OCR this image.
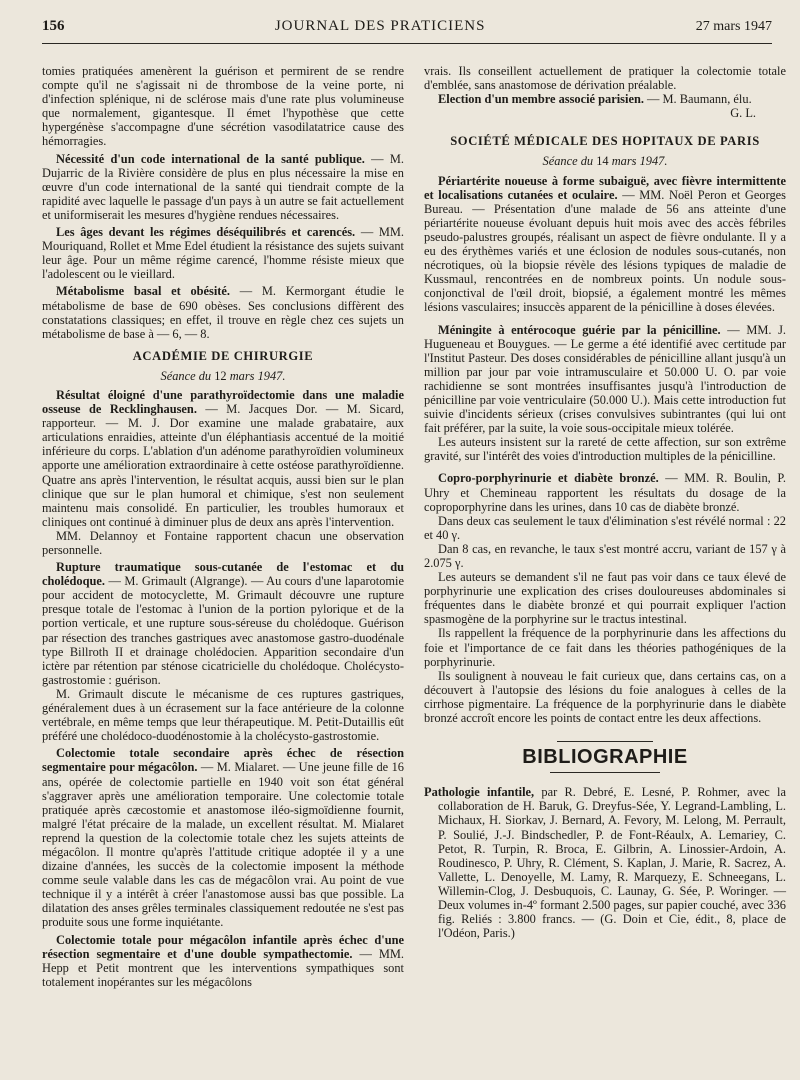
156	JOURNAL DES PRATICIENS	27 mars 1947

tomies pratiquées amenèrent la guérison et permirent de se rendre compte qu'il ne s'agissait ni de thrombose de la veine porte, ni d'infection splénique, ni de sclérose mais d'une rate plus volumineuse que normalement, gigantesque. Il émet l'hypothèse que cette hypergénèse s'accompagne d'une sécrétion vasodilatatrice cause des hémorragies.

Nécessité d'un code international de la santé publique. — M. Dujarric de la Rivière considère de plus en plus nécessaire la mise en œuvre d'un code international de la santé qui tiendrait compte de la rapidité avec laquelle le passage d'un pays à un autre se fait actuellement et uniformiserait les mesures d'hygiène rendues nécessaires.

Les âges devant les régimes déséquilibrés et carencés. — MM. Mouriquand, Rollet et Mme Edel étudient la résistance des sujets suivant leur âge. Pour un même régime carencé, l'homme résiste mieux que l'adolescent ou le vieillard.

Métabolisme basal et obésité. — M. Kermorgant étudie le métabolisme de base de 690 obèses. Ses conclusions diffèrent des constatations classiques; en effet, il trouve en règle chez ces sujets un métabolisme de base à — 6, — 8.

ACADÉMIE DE CHIRURGIE
Séance du 12 mars 1947.

Résultat éloigné d'une parathyroïdectomie dans une maladie osseuse de Recklinghausen. — M. Jacques Dor. — M. Sicard, rapporteur. — M. J. Dor examine une malade grabataire, aux articulations enraidies, atteinte d'un éléphantiasis accentué de la moitié inférieure du corps. L'ablation d'un adénome parathyroïdien volumineux apporte une amélioration extraordinaire à cette ostéose parathyroïdienne. Quatre ans après l'intervention, le résultat acquis, aussi bien sur le plan clinique que sur le plan humoral et chimique, s'est non seulement maintenu mais consolidé. En particulier, les troubles humoraux et cliniques ont continué à diminuer plus de deux ans après l'intervention.

MM. Delannoy et Fontaine rapportent chacun une observation personnelle.

Rupture traumatique sous-cutanée de l'estomac et du cholédoque. — M. Grimault (Algrange). — Au cours d'une laparotomie pour accident de motocyclette, M. Grimault découvre une rupture presque totale de l'estomac à l'union de la portion pylorique et de la portion verticale, et une rupture sous-séreuse du cholédoque. Guérison par résection des tranches gastriques avec anastomose gastro-duodénale type Billroth II et drainage cholédocien. Apparition secondaire d'un ictère par rétention par sténose cicatricielle du cholédoque. Cholécysto-gastrostomie : guérison.

M. Grimault discute le mécanisme de ces ruptures gastriques, généralement dues à un écrasement sur la face antérieure de la colonne vertébrale, en même temps que leur thérapeutique. M. Petit-Dutaillis eût préféré une cholédoco-duodénostomie à la cholécysto-gastrostomie.

Colectomie totale secondaire après échec de résection segmentaire pour mégacôlon. — M. Mialaret. — Une jeune fille de 16 ans, opérée de colectomie partielle en 1940 voit son état général s'aggraver après une amélioration temporaire. Une colectomie totale pratiquée après cæcostomie et anastomose iléo-sigmoïdienne fournit, malgré l'état précaire de la malade, un excellent résultat. M. Mialaret reprend la question de la colectomie totale chez les sujets atteints de mégacôlon. Il montre qu'après l'attitude critique adoptée il y a une dizaine d'années, les succès de la colectomie imposent la méthode comme seule valable dans les cas de mégacôlon vrai. Au point de vue technique il y a intérêt à créer l'anastomose aussi bas que possible. La dilatation des anses grêles terminales classiquement redoutée ne s'est pas produite sous une forme inquiétante.

Colectomie totale pour mégacôlon infantile après échec d'une résection segmentaire et d'une double sympathectomie. — MM. Hepp et Petit montrent que les interventions sympathiques sont totalement inopérantes sur les mégacôlons

vrais. Ils conseillent actuellement de pratiquer la colectomie totale d'emblée, sans anastomose de dérivation préalable.

Election d'un membre associé parisien. — M. Baumann, élu.

G. L.

SOCIÉTÉ MÉDICALE DES HOPITAUX DE PARIS
Séance du 14 mars 1947.

Périartérite noueuse à forme subaiguë, avec fièvre intermittente et localisations cutanées et oculaire. — MM. Noël Peron et Georges Bureau. — Présentation d'une malade de 56 ans atteinte d'une périartérite noueuse évoluant depuis huit mois avec des accès fébriles pseudo-palustres groupés, réalisant un aspect de fièvre ondulante. Il y a eu des érythèmes variés et une éclosion de nodules sous-cutanés, non nécrotiques, où la biopsie révèle des lésions typiques de maladie de Kussmaul, rencontrées en de nombreux points. Un nodule sous-conjonctival de l'œil droit, biopsié, a également montré les mêmes lésions vasculaires; insuccès apparent de la pénicilline à doses élevées.

Méningite à entérocoque guérie par la pénicilline. — MM. J. Hugueneau et Bouygues. — Le germe a été identifié avec certitude par l'Institut Pasteur. Des doses considérables de pénicilline allant jusqu'à un million par jour par voie intramusculaire et 50.000 U. O. par voie rachidienne se sont montrées insuffisantes jusqu'à l'introduction de pénicilline par voie ventriculaire (50.000 U.). Mais cette introduction fut suivie d'incidents sérieux (crises convulsives subintrantes (qui lui ont fait préférer, par la suite, la voie sous-occipitale mieux tolérée.

Les auteurs insistent sur la rareté de cette affection, sur son extrême gravité, sur l'intérêt des voies d'introduction multiples de la pénicilline.

Copro-porphyrinurie et diabète bronzé. — MM. R. Boulin, P. Uhry et Chemineau rapportent les résultats du dosage de la coproporphyrine dans les urines, dans 10 cas de diabète bronzé.

Dans deux cas seulement le taux d'élimination s'est révélé normal : 22 et 40 γ.

Dan 8 cas, en revanche, le taux s'est montré accru, variant de 157 γ à 2.075 γ.

Les auteurs se demandent s'il ne faut pas voir dans ce taux élevé de porphyrinurie une explication des crises douloureuses abdominales si fréquentes dans le diabète bronzé et qui pourrait expliquer l'action spasmogène de la porphyrine sur le tractus intestinal.

Ils rappellent la fréquence de la porphyrinurie dans les affections du foie et l'importance de ce fait dans les théories pathogéniques de la porphyrinurie.

Ils soulignent à nouveau le fait curieux que, dans certains cas, on a découvert à l'autopsie des lésions du foie analogues à celles de la cirrhose pigmentaire. La fréquence de la porphyrinurie dans le diabète bronzé accroît encore les points de contact entre les deux affections.

BIBLIOGRAPHIE

Pathologie infantile, par R. Debré, E. Lesné, P. Rohmer, avec la collaboration de H. Baruk, G. Dreyfus-Sée, Y. Legrand-Lambling, L. Michaux, H. Siorkav, J. Bernard, A. Fevory, M. Lelong, M. Perrault, P. Soulié, J.-J. Bindschedler, P. de Font-Réaulx, A. Lemariey, C. Petot, R. Turpin, R. Broca, E. Gilbrin, A. Linossier-Ardoin, A. Roudinesco, P. Uhry, R. Clément, S. Kaplan, J. Marie, R. Sacrez, A. Vallette, L. Denoyelle, M. Lamy, R. Marquezy, E. Schneegans, L. Willemin-Clog, J. Desbuquois, C. Launay, G. Sée, P. Woringer. — Deux volumes in-4º formant 2.500 pages, sur papier couché, avec 336 fig. Reliés : 3.800 francs. — (G. Doin et Cie, édit., 8, place de l'Odéon, Paris.)
